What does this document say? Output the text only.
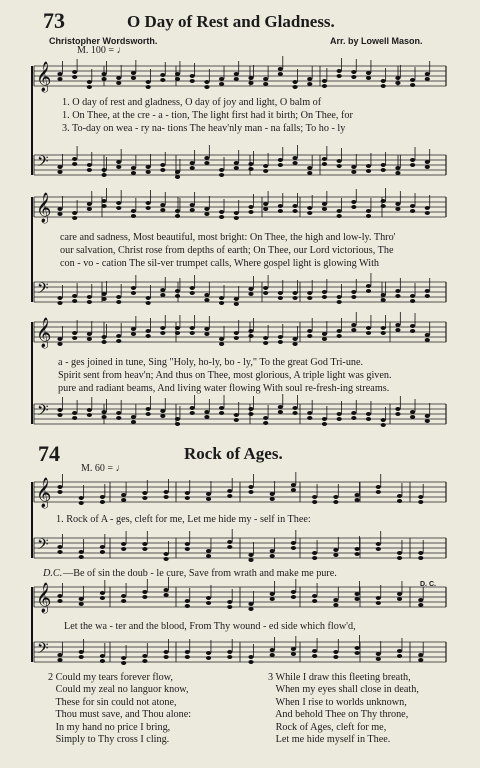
73	O Day of Rest and Gladness.
Christopher Wordsworth.	Arr. by Lowell Mason.
M. 100 = ♩
𝄞
𝄢
𝄞
𝄢
𝄞
𝄢
𝄞
𝄢
𝄞
𝄢
1. O day of rest and gladness, O day of joy and light, O balm of
1. On Thee, at the cre - a - tion, The light first had it birth; On Thee, for
3. To-day on wea - ry na- tions The heav'nly man - na falls; To ho - ly
care and sadness, Most beautiful, most bright: On Thee, the high and low-ly. Thro'
our salvation, Christ rose from depths of earth; On Thee, our Lord victorious, The
con - vo - cation The sil-ver trumpet calls, Where gospel light is glowing With
a - ges joined in tune, Sing "Holy, ho-ly, bo - ly," To the great God Tri-une.
Spirit sent from heav'n; And thus on Thee, most glorious, A triple light was given.
pure and radiant beams, And living water flowing With soul re-fresh-ing streams.
74	Rock of Ages.
M. 60 = ♩
1. Rock of A - ges, cleft for me, Let me hide my - self in Thee:
D.C. —Be of sin the doub - le cure, Save from wrath and make me pure.
D. C.
Let the wa - ter and the blood, From Thy wound - ed side which flow'd,
2 Could my tears forever flow,
Could my zeal no languor know,
These for sin could not atone,
Thou must save, and Thou alone:
In my hand no price I bring,
Simply to Thy cross I cling.
3 While I draw this fleeting breath,
When my eyes shall close in death,
When I rise to worlds unknown,
And behold Thee on Thy throne,
Rock of Ages, cleft for me,
Let me hide myself in Thee.
